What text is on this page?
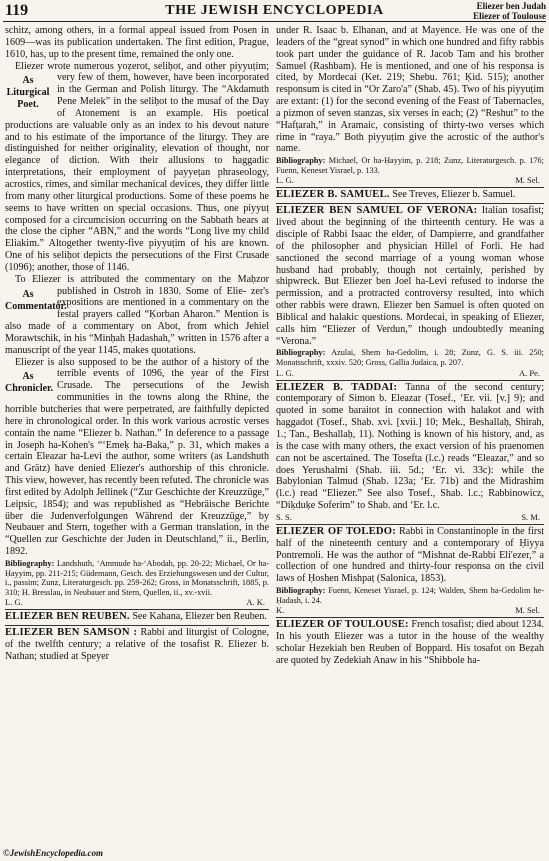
119	THE JEWISH ENCYCLOPEDIA	Eliezer ben Judah
Eliezer of Toulouse

schitz, among others, in a formal appeal issued from Posen in 1609—was its publication undertaken. The first edition, Prague, 1610, has, up to the present time, remained the only one.

Eliezer wrote numerous yoẓerot, seliḥot, and other piyyuṭim; very few of them, however, have been
As Liturgical Poet.
incorporated in the German and Polish liturgy. The “Akdamuth Pene Melek” in the seliḥot to the musaf of the Day of Atonement is an example. His poetical productions are valuable only as an index to his devout nature and to his estimate of the importance of the liturgy. They are distinguished for neither originality, elevation of thought, nor elegance of diction. With their allusions to haggadic interpretations, their employment of payyeṭan phraseology, acrostics, rimes, and similar mechanical devices, they differ little from many other liturgical productions. Some of these poems he seems to have written on special occasions. Thus, one piyyuṭ composed for a circumcision occurring on the Sabbath bears at the close the cipher “ABN,” and the words “Long live my child Eliakim.” Altogether twenty-five piyyuṭim of his are known. One of his seliḥot depicts the persecutions of the First Crusade (1096); another, those of 1146.

To Eliezer is attributed the commentary on the Maḥzor published in Ostroh in 1830. Some of Elie-
As Commentator.
zer's expositions are mentioned in a commentary on the festal prayers called “Ḳorban Aharon.” Mention is also made of a commentary on Abot, from which Jehiel Morawtschik, in his “Minḥah Ḥadashah,” written in 1576 after a manuscript of the year 1145, makes quotations.

Eliezer is also supposed to be the author of a history of the terrible events of 1096, the year of the
As Chronicler.
First Crusade. The persecutions of the Jewish communities in the towns along the Rhine, the horrible butcheries that were perpetrated, are faithfully depicted here in chronological order. In this work various acrostic verses contain the name “Eliezer b. Nathan.” In deference to a passage in Joseph ha-Kohen's “‘Emeḳ ha-Baka,” p. 31, which makes a certain Eleazar ha-Levi the author, some writers (as Landshuth and Grätz) have denied Eliezer's authorship of this chronicle. This view, however, has recently been refuted. The chronicle was first edited by Adolph Jellinek (“Zur Geschichte der Kreuzzüge,” Leipsic, 1854); and was republished as “Hebräische Berichte über die Judenverfolgungen Während der Kreuzzüge,” by Neubauer and Stern, together with a German translation, in the “Quellen zur Geschichte der Juden in Deutschland,” ii., Berlin, 1892.

Bibliography: Landshuth, ‘Ammude ha-‘Abodah, pp. 20-22; Michael, Or ha-Ḥayyim, pp. 211-215; Güdemann, Gesch. des Erziehungswesen und der Cultur, i., passim; Zunz, Literaturgesch. pp. 259-262; Gross, in Monatsschrift, 1885, p. 310; H. Bresslau, in Neubauer and Stern, Quellen, ii., xv.-xvii.

L. G.	A. K.

ELIEZER BEN REUBEN. See Kahana, Eliezer ben Reuben.

ELIEZER BEN SAMSON : Rabbi and liturgist of Cologne, of the twelfth century; a relative of the tosafist R. Eliezer b. Nathan; studied at Speyer

under R. Isaac b. Elhanan, and at Mayence. He was one of the leaders of the “great synod” in which one hundred and fifty rabbis took part under the guidance of R. Jacob Tam and his brother Samuel (Rashbam). He is mentioned, and one of his responsa is cited, by Mordecai (Ket. 219; Shebu. 761; Ḳid. 515); another responsum is cited in “Or Zaro'a” (Shab. 45). Two of his piyyuṭim are extant: (1) for the second evening of the Feast of Tabernacles, a pizmon of seven stanzas, six verses in each; (2) “Reshut” to the “Hafṭarah,” in Aramaic, consisting of thirty-two verses which rime in “raya.” Both piyyuṭim give the acrostic of the author's name.

Bibliography: Michael, Or ha-Ḥayyim, p. 218; Zunz, Literaturgesch. p. 176; Fuenn, Keneset Yisrael, p. 133.

L. G.	M. Sel.

ELIEZER B. SAMUEL. See Treves, Eliezer b. Samuel.

ELIEZER BEN SAMUEL OF VERONA: Italian tosafist; lived about the beginning of the thirteenth century. He was a disciple of Rabbi Isaac the elder, of Dampierre, and grandfather of the philosopher and physician Hillel of Forli. He had sanctioned the second marriage of a young woman whose husband had probably, though not certainly, perished by shipwreck. But Eliezer ben Joel ha-Levi refused to indorse the permission, and a protracted controversy resulted, into which other rabbis were drawn. Eliezer ben Samuel is often quoted on Biblical and halakic questions. Mordecai, in speaking of Eliezer, calls him “Eliezer of Verdun,” though undoubtedly meaning “Verona.”

Bibliography: Azulai, Shem ha-Gedolim, i. 28; Zunz, G. S. iii. 250; Monatsschrift, xxxiv. 520; Gross, Gallia Judaica, p. 207.

L. G.	A. Pe.

ELIEZER B. TADDAI: Tanna of the second century; contemporary of Simon b. Eleazar (Tosef., ‘Er. vii. [v.] 9); and quoted in some baraitot in connection with halakot and with haggadot (Tosef., Shab. xvi. [xvii.] 10; Mek., Beshallaḥ, Shirah, 1.; Tan., Beshallaḥ, 11). Nothing is known of his history, and, as is the case with many others, the exact version of his praenomen can not be ascertained. The Tosefta (l.c.) reads “Eleazar,” and so does Yerushalmi (Shab. iii. 5d.; ‘Er. vi. 33c): while the Babylonian Talmud (Shab. 123a; ‘Er. 71b) and the Midrashim (l.c.) read “Eliezer.” See also Tosef., Shab. l.c.; Rabbinowicz, “Diḳduḳe Soferim” to Shab. and ‘Er. l.c.

S. S.	S. M.

ELIEZER OF TOLEDO: Rabbi in Constantinople in the first half of the nineteenth century and a contemporary of Ḥiyya Pontremoli. He was the author of “Mishnat de-Rabbi Eli'ezer,” a collection of one hundred and thirty-four responsa on the civil laws of Ḥoshen Mishpaṭ (Salonica, 1853).

Bibliography: Fuenn, Keneset Yisrael, p. 124; Walden, Shem ha-Gedolim he-Ḥadash, i. 24.

K.	M. Sel.

ELIEZER OF TOULOUSE: French tosafist; died about 1234. In his youth Eliezer was a tutor in the house of the wealthy scholar Hezekiah ben Reuben of Boppard. His tosafot on Beẓah are quoted by Zedekiah Anaw in his “Shibbole ha-

©JewishEncyclopedia.com
